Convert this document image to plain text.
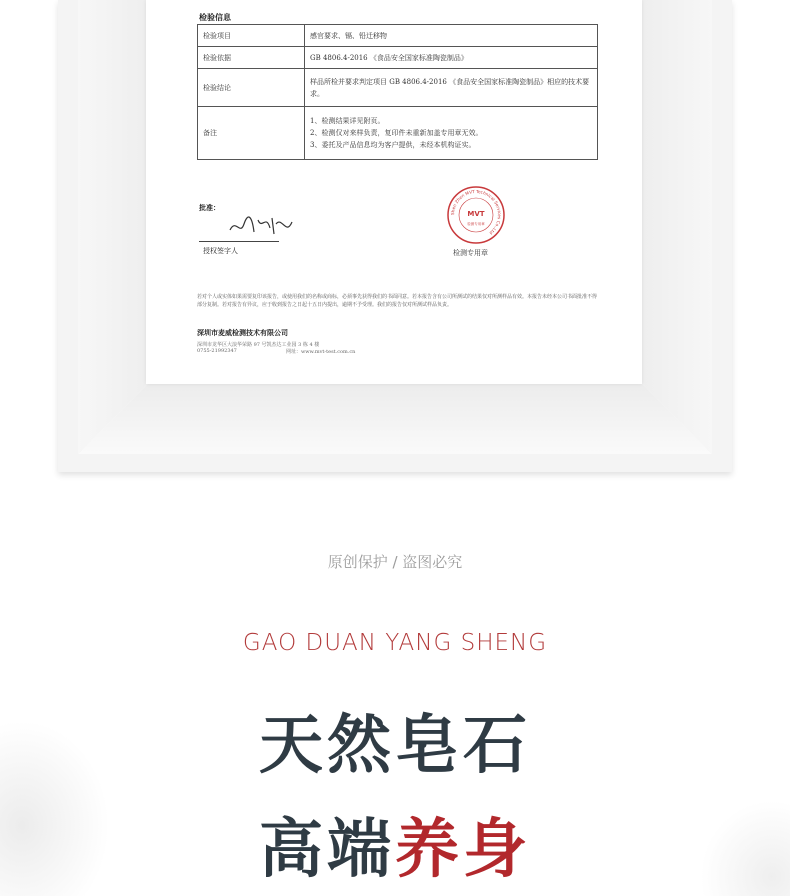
检验信息
检验项目	感官要求、镉、铅迁移物
检验依据	GB 4806.4-2016 《食品安全国家标准陶瓷制品》
检验结论	样品所检并要求判定项目 GB 4806.4-2016 《食品安全国家标准陶瓷制品》相应的技术要求。
备注	1、检测结果详见附页。
2、检测仅对来样负责，复印件未重新加盖专用章无效。
3、委托及产品信息均为客户提供，未经本机构证实。
批准：
授权签字人
Shen Zhen MVT Technical Services Co.,Ltd
MVT
检测专用章
检测专用章
若对个人或实体如果需要复印该报告，或使用我们的名称或商标，必须事先获得我们的书面同意。若本报告含有公司所测试的结果仅对所测样品有效。本报告未经本公司书面批准不得部分复制。若对报告有异议，应于收到报告之日起十五日内提出，逾期不予受理。我们的报告仅对所测试样品负责。
深圳市麦威检测技术有限公司
深圳市龙华区大浪华荣路 97 号凯杰达工业园 3 栋 4 楼
0755-21992347	网址：www.mvt-test.com.cn
原创保护 / 盗图必究
GAO DUAN YANG SHENG
天然皂石
高端养身
